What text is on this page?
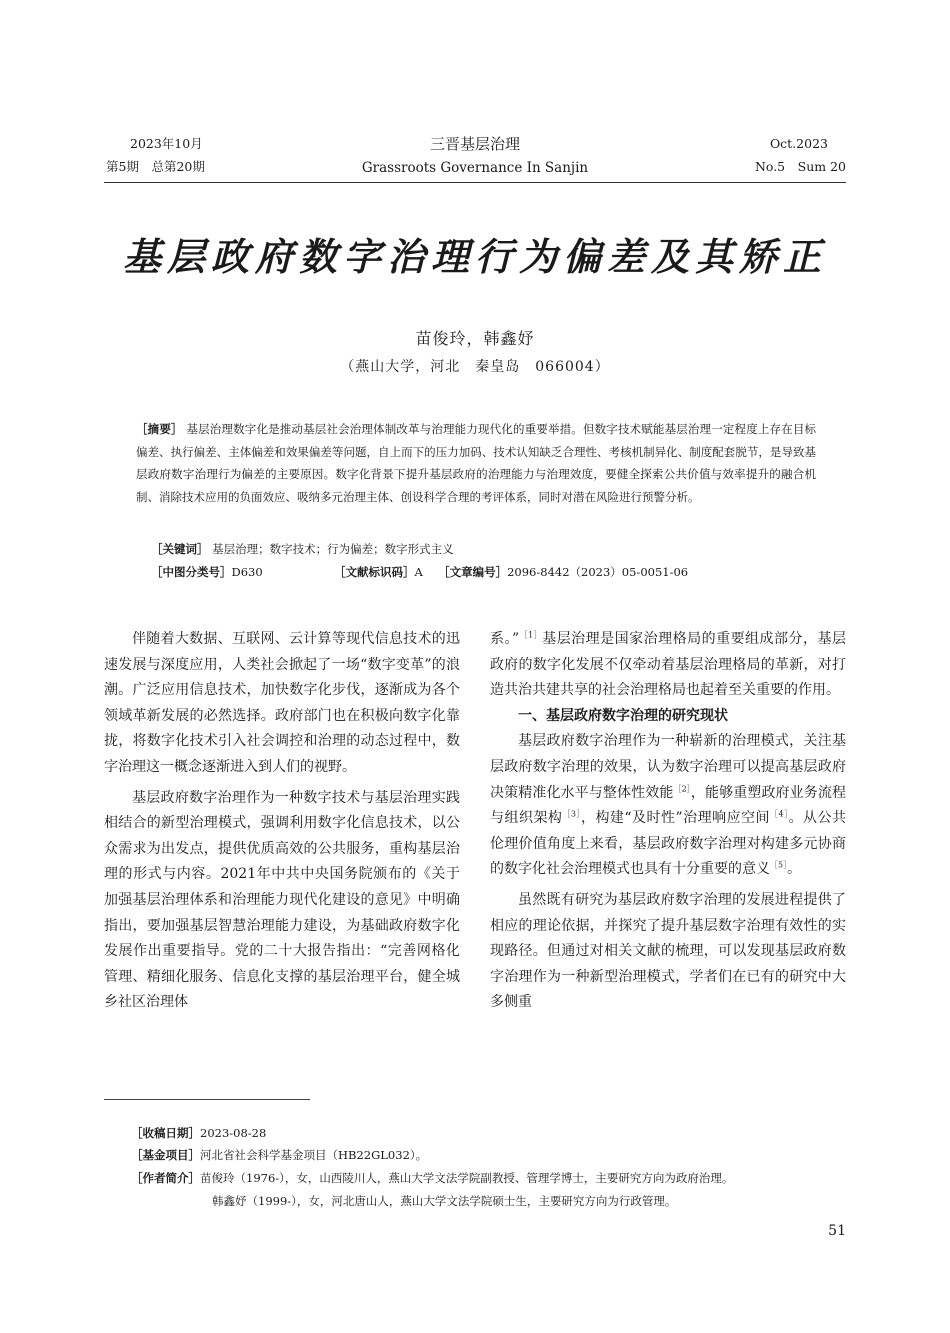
2023年10月
第5期　总第20期
三晋基层治理
Grassroots Governance In Sanjin
Oct.2023
No.5　Sum 20
基层政府数字治理行为偏差及其矫正
苗俊玲，韩鑫妤
（燕山大学，河北　秦皇岛　066004）
［摘要］ 基层治理数字化是推动基层社会治理体制改革与治理能力现代化的重要举措。但数字技术赋能基层治理一定程度上存在目标偏差、执行偏差、主体偏差和效果偏差等问题，自上而下的压力加码、技术认知缺乏合理性、考核机制异化、制度配套脱节，是导致基层政府数字治理行为偏差的主要原因。数字化背景下提升基层政府的治理能力与治理效度，要健全探索公共价值与效率提升的融合机制、消除技术应用的负面效应、吸纳多元治理主体、创设科学合理的考评体系，同时对潜在风险进行预警分析。
［关键词］ 基层治理；数字技术；行为偏差；数字形式主义
［中图分类号］D630	［文献标识码］A ［文章编号］2096-8442（2023）05-0051-06

伴随着大数据、互联网、云计算等现代信息技术的迅速发展与深度应用，人类社会掀起了一场“数字变革”的浪潮。广泛应用信息技术，加快数字化步伐，逐渐成为各个领域革新发展的必然选择。政府部门也在积极向数字化靠拢，将数字化技术引入社会调控和治理的动态过程中，数字治理这一概念逐渐进入到人们的视野。

基层政府数字治理作为一种数字技术与基层治理实践相结合的新型治理模式，强调利用数字化信息技术，以公众需求为出发点，提供优质高效的公共服务，重构基层治理的形式与内容。2021年中共中央国务院颁布的《关于加强基层治理体系和治理能力现代化建设的意见》中明确指出，要加强基层智慧治理能力建设，为基础政府数字化发展作出重要指导。党的二十大报告指出：“完善网格化管理、精细化服务、信息化支撑的基层治理平台，健全城乡社区治理体

系。”$^{[1]}$基层治理是国家治理格局的重要组成部分，基层政府的数字化发展不仅牵动着基层治理格局的革新，对打造共治共建共享的社会治理格局也起着至关重要的作用。

一、基层政府数字治理的研究现状

基层政府数字治理作为一种崭新的治理模式，关注基层政府数字治理的效果，认为数字治理可以提高基层政府决策精准化水平与整体性效能$^{[2]}$，能够重塑政府业务流程与组织架构$^{[3]}$，构建“及时性”治理响应空间$^{[4]}$。从公共伦理价值角度上来看，基层政府数字治理对构建多元协商的数字化社会治理模式也具有十分重要的意义$^{[5]}$。

虽然既有研究为基层政府数字治理的发展进程提供了相应的理论依据，并探究了提升基层数字治理有效性的实现路径。但通过对相关文献的梳理，可以发现基层政府数字治理作为一种新型治理模式，学者们在已有的研究中大多侧重

［收稿日期］2023-08-28
［基金项目］河北省社会科学基金项目（HB22GL032）。
［作者简介］苗俊玲（1976-），女，山西陵川人，燕山大学文法学院副教授、管理学博士，主要研究方向为政府治理。
韩鑫妤（1999-），女，河北唐山人，燕山大学文法学院硕士生，主要研究方向为行政管理。
51
